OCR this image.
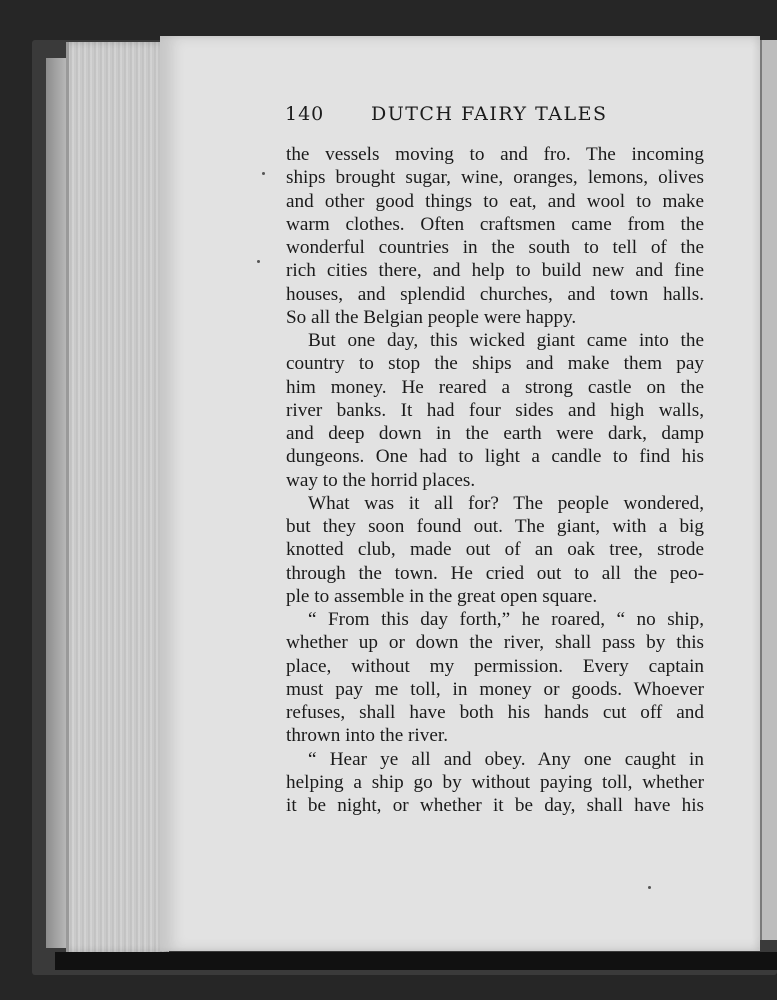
140 DUTCH FAIRY TALES
the vessels moving to and fro. The incoming
ships brought sugar, wine, oranges, lemons, olives
and other good things to eat, and wool to make
warm clothes. Often craftsmen came from the
wonderful countries in the south to tell of the
rich cities there, and help to build new and fine
houses, and splendid churches, and town halls.
So all the Belgian people were happy.
But one day, this wicked giant came into the
country to stop the ships and make them pay
him money. He reared a strong castle on the
river banks. It had four sides and high walls,
and deep down in the earth were dark, damp
dungeons. One had to light a candle to find his
way to the horrid places.
What was it all for? The people wondered,
but they soon found out. The giant, with a big
knotted club, made out of an oak tree, strode
through the town. He cried out to all the peo-
ple to assemble in the great open square.
“ From this day forth,” he roared, “ no ship,
whether up or down the river, shall pass by this
place, without my permission. Every captain
must pay me toll, in money or goods. Whoever
refuses, shall have both his hands cut off and
thrown into the river.
“ Hear ye all and obey. Any one caught in
helping a ship go by without paying toll, whether
it be night, or whether it be day, shall have his
